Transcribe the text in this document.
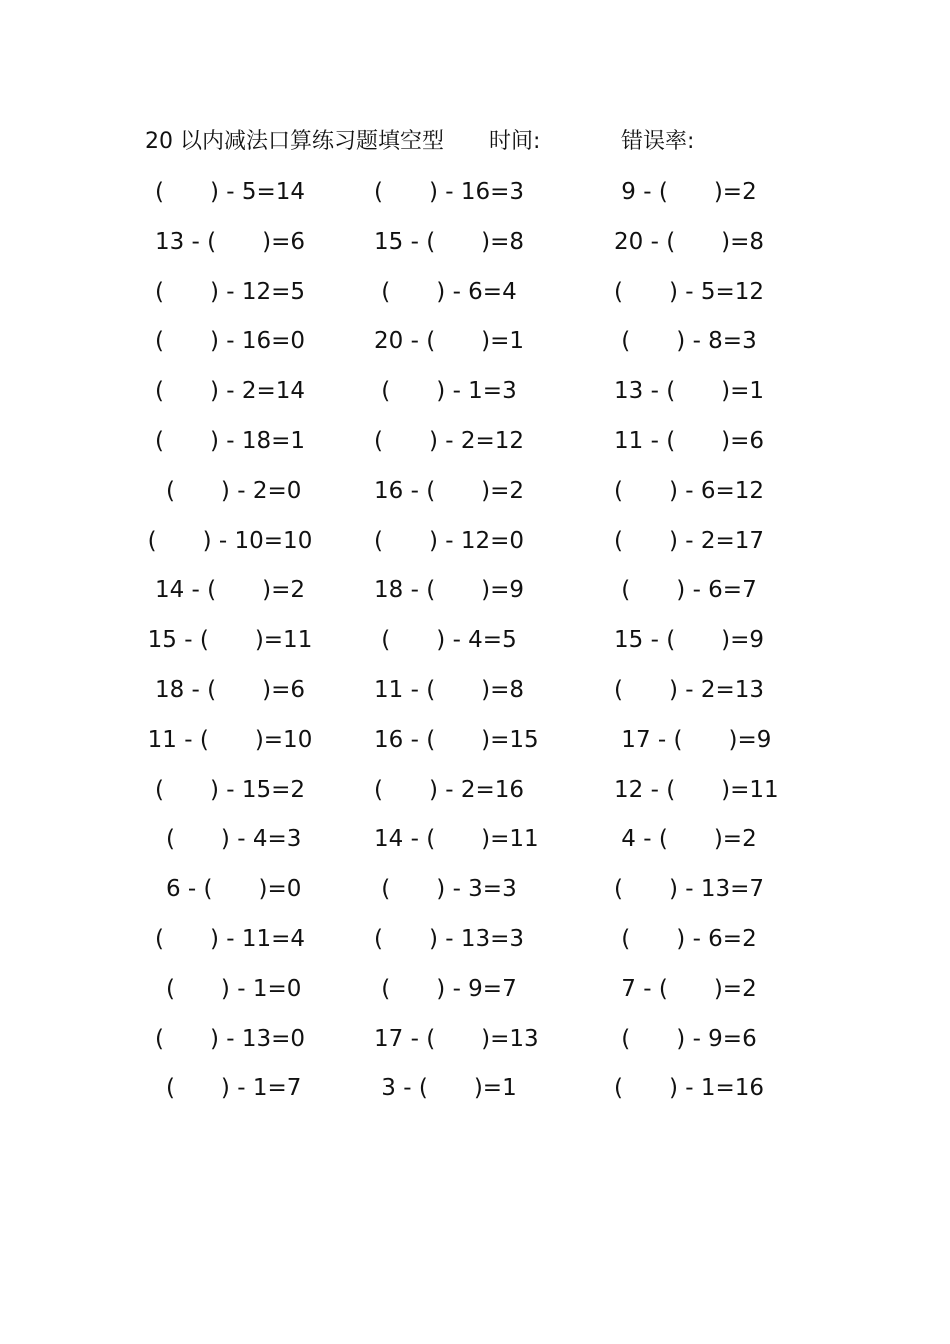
20 以内减法口算练习题填空型 时间:	错误率:
(　　) - 5=14	(　　) - 16=3	9 - (　　)=2
13 - (　　)=6	15 - (　　)=8	20 - (　　)=8
(　　) - 12=5	(　　) - 6=4	(　　) - 5=12
(　　) - 16=0	20 - (　　)=1	(　　) - 8=3
(　　) - 2=14	(　　) - 1=3	13 - (　　)=1
(　　) - 18=1	(　　) - 2=12	11 - (　　)=6
(　　) - 2=0	16 - (　　)=2	(　　) - 6=12
(　　) - 10=10	(　　) - 12=0	(　　) - 2=17
14 - (　　)=2	18 - (　　)=9	(　　) - 6=7
15 - (　　)=11	(　　) - 4=5	15 - (　　)=9
18 - (　　)=6	11 - (　　)=8	(　　) - 2=13
11 - (　　)=10	16 - (　　)=15	17 - (　　)=9
(　　) - 15=2	(　　) - 2=16	12 - (　　)=11
(　　) - 4=3	14 - (　　)=11	4 - (　　)=2
6 - (　　)=0	(　　) - 3=3	(　　) - 13=7
(　　) - 11=4	(　　) - 13=3	(　　) - 6=2
(　　) - 1=0	(　　) - 9=7	7 - (　　)=2
(　　) - 13=0	17 - (　　)=13	(　　) - 9=6
(　　) - 1=7	3 - (　　)=1	(　　) - 1=16
